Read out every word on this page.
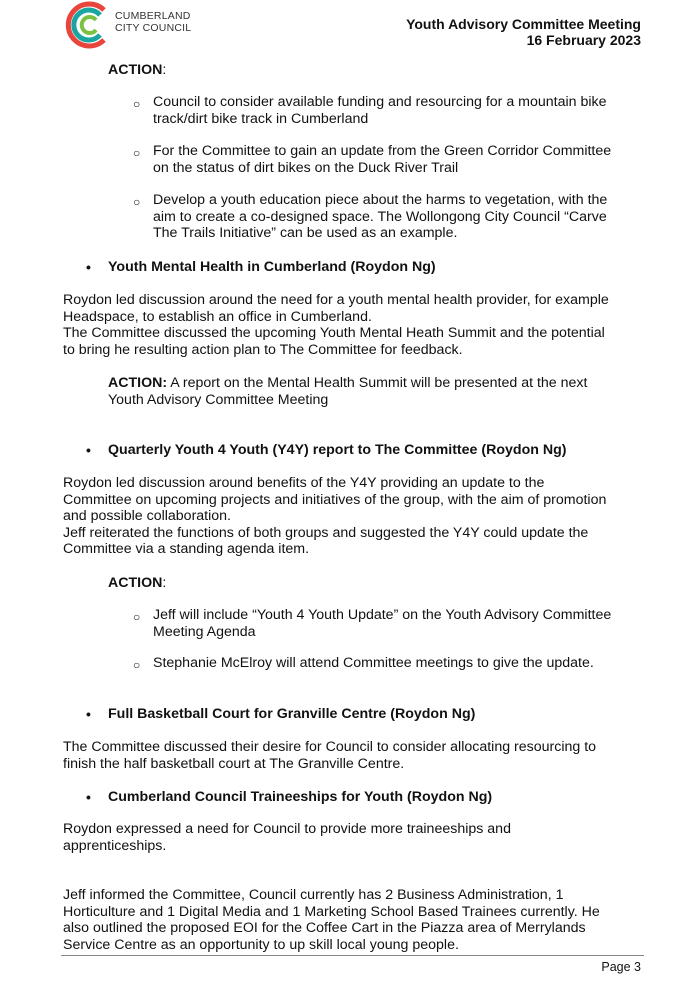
CUMBERLAND
CITY COUNCIL	Youth Advisory Committee Meeting
16 February 2023
ACTION:
○ Council to consider available funding and resourcing for a mountain bike
track/dirt bike track in Cumberland
○ For the Committee to gain an update from the Green Corridor Committee
on the status of dirt bikes on the Duck River Trail
○ Develop a youth education piece about the harms to vegetation, with the
aim to create a co-designed space. The Wollongong City Council “Carve
The Trails Initiative” can be used as an example.
• Youth Mental Health in Cumberland (Roydon Ng)
Roydon led discussion around the need for a youth mental health provider, for example
Headspace, to establish an office in Cumberland.
The Committee discussed the upcoming Youth Mental Heath Summit and the potential
to bring he resulting action plan to The Committee for feedback.
ACTION: A report on the Mental Health Summit will be presented at the next
Youth Advisory Committee Meeting
• Quarterly Youth 4 Youth (Y4Y) report to The Committee (Roydon Ng)
Roydon led discussion around benefits of the Y4Y providing an update to the
Committee on upcoming projects and initiatives of the group, with the aim of promotion
and possible collaboration.
Jeff reiterated the functions of both groups and suggested the Y4Y could update the
Committee via a standing agenda item.
ACTION:
○ Jeff will include “Youth 4 Youth Update” on the Youth Advisory Committee
Meeting Agenda
○ Stephanie McElroy will attend Committee meetings to give the update.
• Full Basketball Court for Granville Centre (Roydon Ng)
The Committee discussed their desire for Council to consider allocating resourcing to
finish the half basketball court at The Granville Centre.
• Cumberland Council Traineeships for Youth (Roydon Ng)
Roydon expressed a need for Council to provide more traineeships and
apprenticeships.
Jeff informed the Committee, Council currently has 2 Business Administration, 1
Horticulture and 1 Digital Media and 1 Marketing School Based Trainees currently. He
also outlined the proposed EOI for the Coffee Cart in the Piazza area of Merrylands
Service Centre as an opportunity to up skill local young people.
Page 3
